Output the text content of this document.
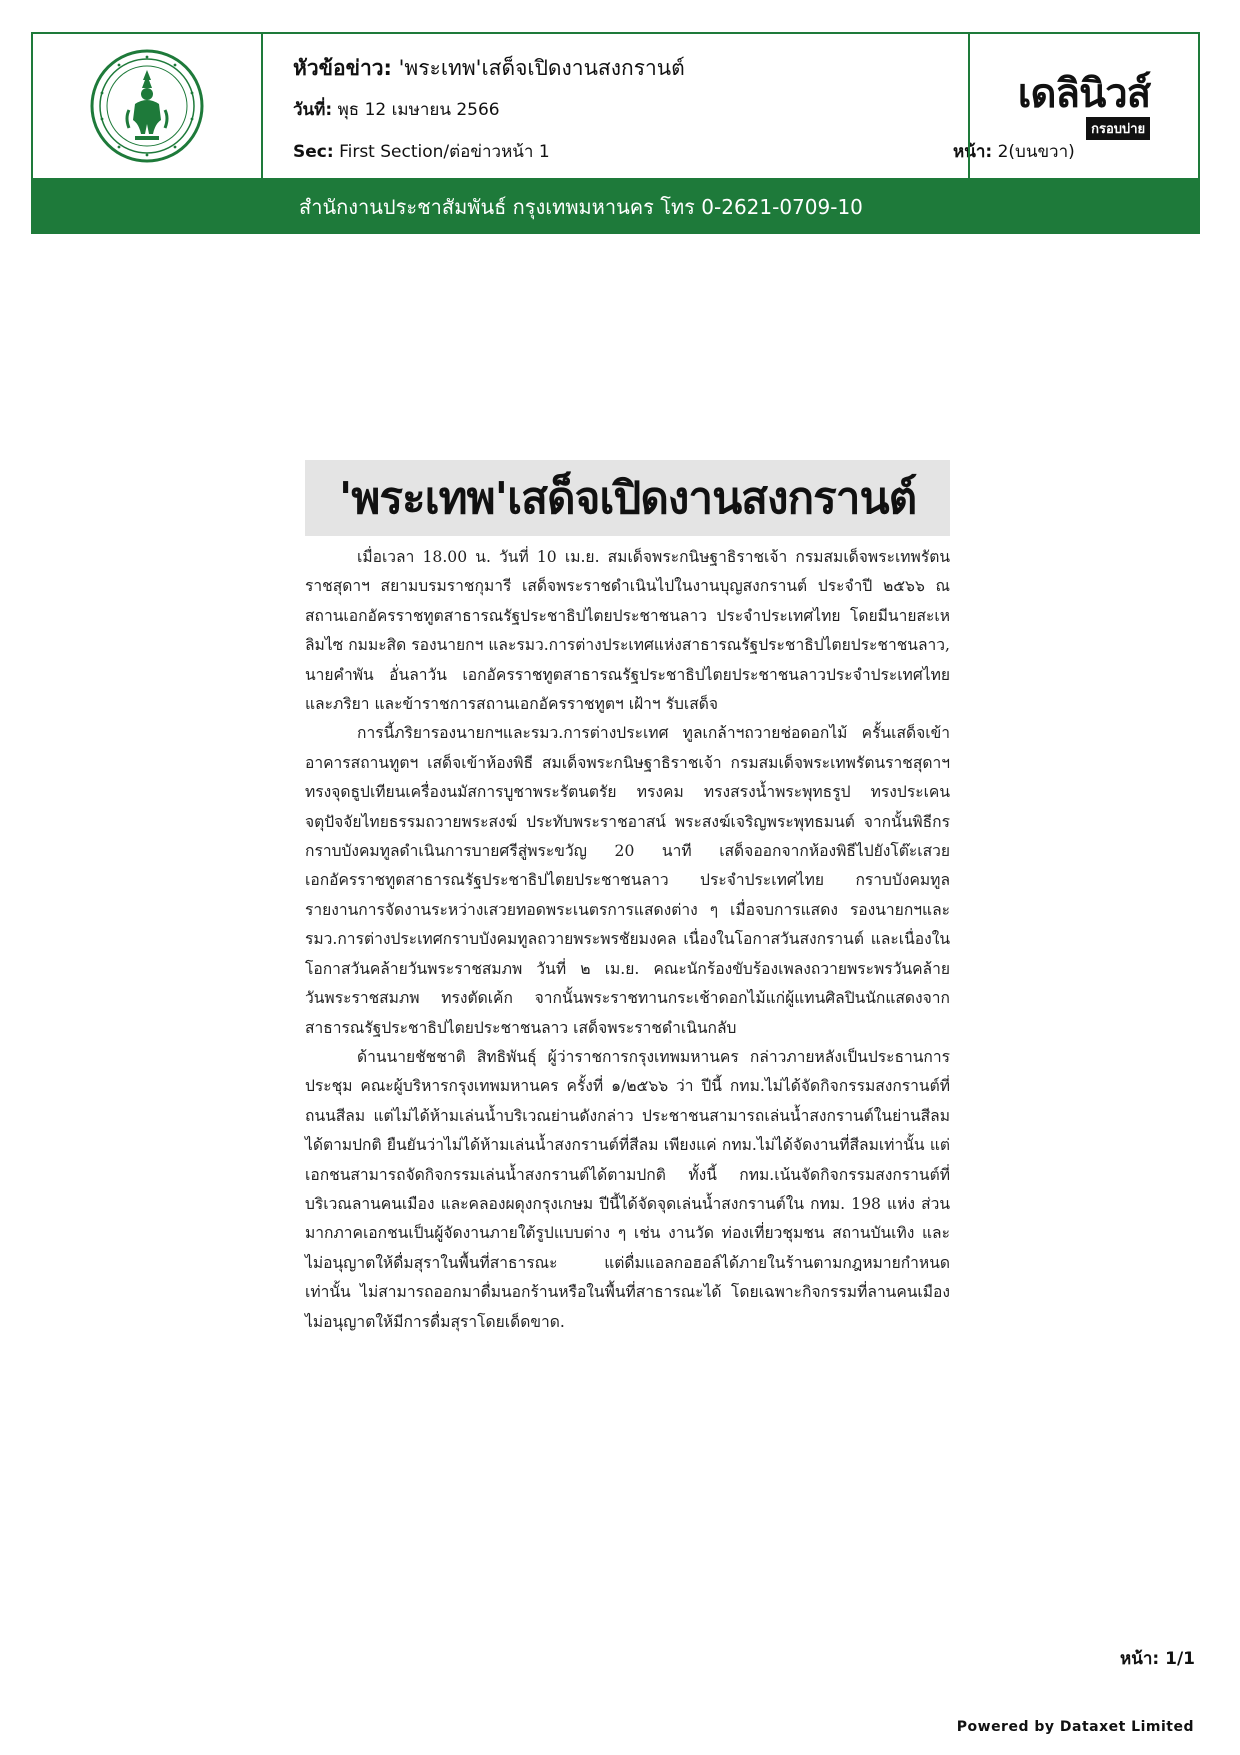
หัวข้อข่าว: 'พระเทพ'เสด็จเปิดงานสงกรานต์
วันที่: พุธ 12 เมษายน 2566
Sec: First Section/ต่อข่าวหน้า 1	หน้า: 2(บนขวา)
เดลินิวส์
กรอบบ่าย
สำนักงานประชาสัมพันธ์ กรุงเทพมหานคร โทร 0-2621-0709-10
'พระเทพ'เสด็จเปิดงานสงกรานต์

เมื่อเวลา 18.00 น. วันที่ 10 เม.ย. สมเด็จพระกนิษฐาธิราชเจ้า กรมสมเด็จพระเทพรัตนราชสุดาฯ สยามบรมราชกุมารี เสด็จพระราชดำเนินไปในงานบุญสงกรานต์ ประจำปี ๒๕๖๖ ณ สถานเอกอัครราชทูตสาธารณรัฐประชาธิปไตยประชาชนลาว ประจำประเทศไทย โดยมีนายสะเหลิมไซ กมมะสิด รองนายกฯ และรมว.การต่างประเทศแห่งสาธารณรัฐประชาธิปไตยประชาชนลาว, นายคำพัน อั่นลาวัน เอกอัครราชทูตสาธารณรัฐประชาธิปไตยประชาชนลาวประจำประเทศไทยและภริยา และข้าราชการสถานเอกอัครราชทูตฯ เฝ้าฯ รับเสด็จ

การนี้ภริยารองนายกฯและรมว.การต่างประเทศ ทูลเกล้าฯถวายช่อดอกไม้ ครั้นเสด็จเข้าอาคารสถานทูตฯ เสด็จเข้าห้องพิธี สมเด็จพระกนิษฐาธิราชเจ้า กรมสมเด็จพระเทพรัตนราชสุดาฯ ทรงจุดธูปเทียนเครื่องนมัสการบูชาพระรัตนตรัย ทรงคม ทรงสรงน้ำพระพุทธรูป ทรงประเคนจตุปัจจัยไทยธรรมถวายพระสงฆ์ ประทับพระราชอาสน์ พระสงฆ์เจริญพระพุทธมนต์ จากนั้นพิธีกรกราบบังคมทูลดำเนินการบายศรีสู่พระขวัญ 20 นาที เสด็จออกจากห้องพิธีไปยังโต๊ะเสวย เอกอัครราชทูตสาธารณรัฐประชาธิปไตยประชาชนลาว ประจำประเทศไทย กราบบังคมทูลรายงานการจัดงานระหว่างเสวยทอดพระเนตรการแสดงต่าง ๆ เมื่อจบการแสดง รองนายกฯและรมว.การต่างประเทศกราบบังคมทูลถวายพระพรชัยมงคล เนื่องในโอกาสวันสงกรานต์ และเนื่องในโอกาสวันคล้ายวันพระราชสมภพ วันที่ ๒ เม.ย. คณะนักร้องขับร้องเพลงถวายพระพรวันคล้ายวันพระราชสมภพ ทรงตัดเค้ก จากนั้นพระราชทานกระเช้าดอกไม้แก่ผู้แทนศิลปินนักแสดงจากสาธารณรัฐประชาธิปไตยประชาชนลาว เสด็จพระราชดำเนินกลับ

ด้านนายชัชชาติ สิทธิพันธุ์ ผู้ว่าราชการกรุงเทพมหานคร กล่าวภายหลังเป็นประธานการประชุม คณะผู้บริหารกรุงเทพมหานคร ครั้งที่ ๑/๒๕๖๖ ว่า ปีนี้ กทม.ไม่ได้จัดกิจกรรมสงกรานต์ที่ถนนสีลม แต่ไม่ได้ห้ามเล่นน้ำบริเวณย่านดังกล่าว ประชาชนสามารถเล่นน้ำสงกรานต์ในย่านสีลมได้ตามปกติ ยืนยันว่าไม่ได้ห้ามเล่นน้ำสงกรานต์ที่สีลม เพียงแค่ กทม.ไม่ได้จัดงานที่สีลมเท่านั้น แต่เอกชนสามารถจัดกิจกรรมเล่นน้ำสงกรานต์ได้ตามปกติ ทั้งนี้ กทม.เน้นจัดกิจกรรมสงกรานต์ที่บริเวณลานคนเมือง และคลองผดุงกรุงเกษม ปีนี้ได้จัดจุดเล่นน้ำสงกรานต์ใน กทม. 198 แห่ง ส่วนมากภาคเอกชนเป็นผู้จัดงานภายใต้รูปแบบต่าง ๆ เช่น งานวัด ท่องเที่ยวชุมชน สถานบันเทิง และไม่อนุญาตให้ดื่มสุราในพื้นที่สาธารณะ แต่ดื่มแอลกอฮอล์ได้ภายในร้านตามกฎหมายกำหนดเท่านั้น ไม่สามารถออกมาดื่มนอกร้านหรือในพื้นที่สาธารณะได้ โดยเฉพาะกิจกรรมที่ลานคนเมือง ไม่อนุญาตให้มีการดื่มสุราโดยเด็ดขาด.

หน้า: 1/1
Powered by Dataxet Limited
